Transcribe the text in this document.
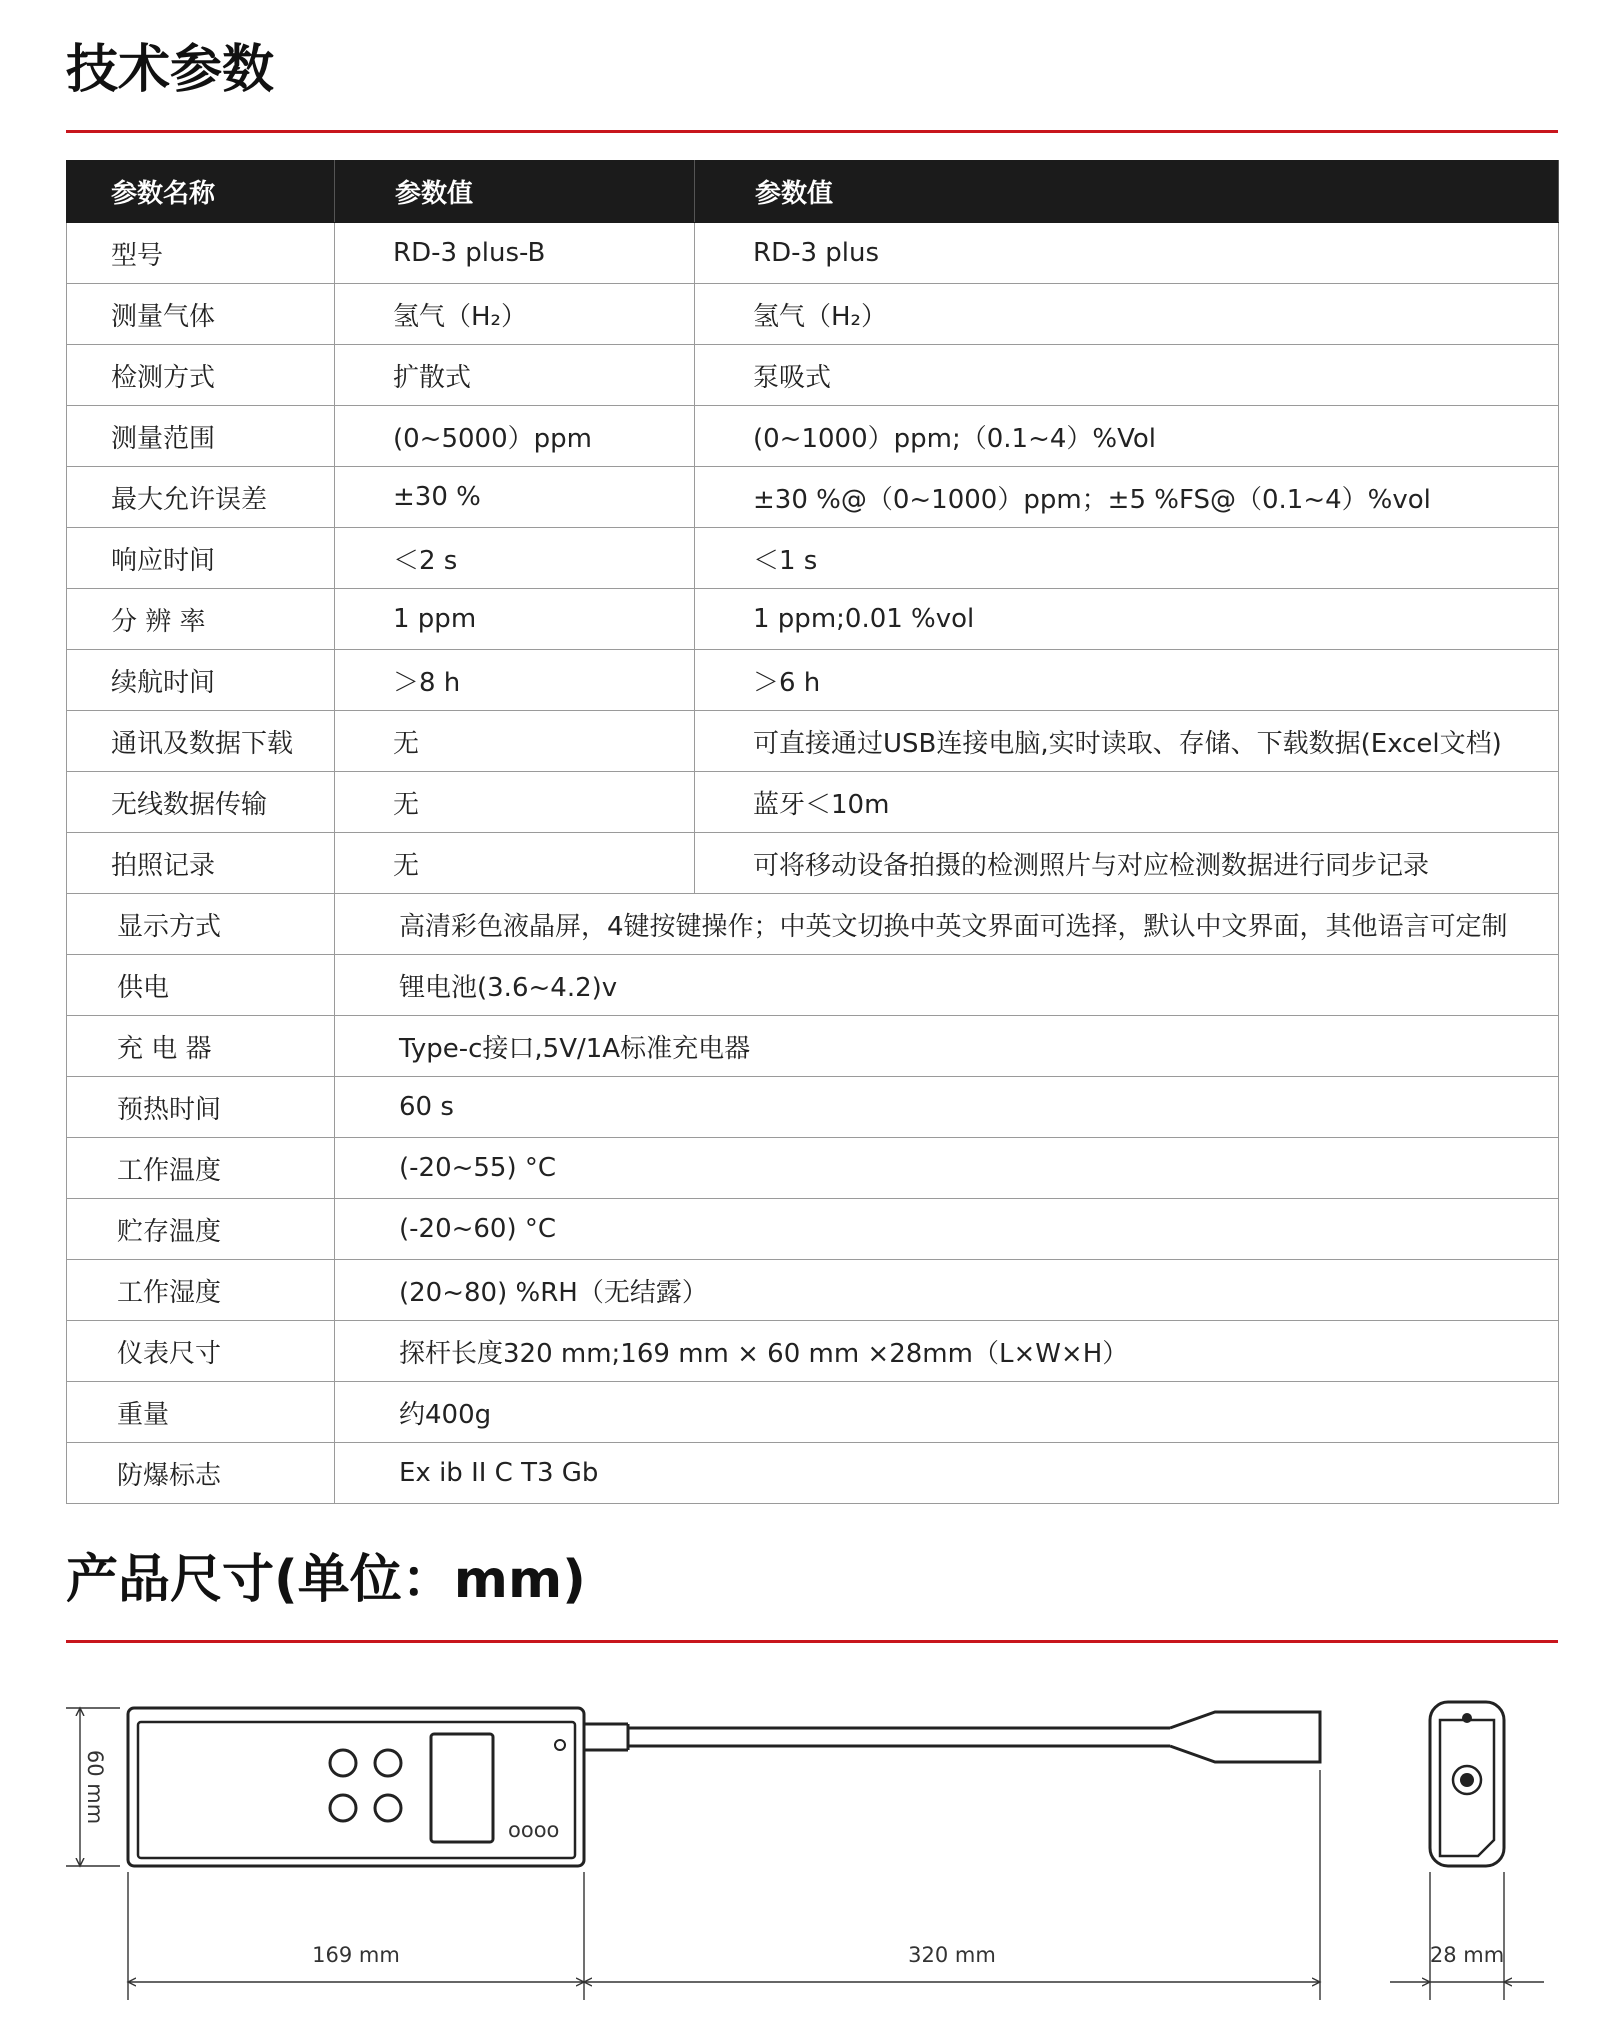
技术参数
参数名称	参数值	参数值
型号	RD-3 plus-B	RD-3 plus
测量气体	氢气（H₂）	氢气（H₂）
检测方式	扩散式	泵吸式
测量范围	(0~5000）ppm	(0~1000）ppm;（0.1~4）%Vol
最大允许误差	±30 %	±30 %@（0~1000）ppm；±5 %FS@（0.1~4）%vol
响应时间	＜2 s	＜1 s
分 辨 率	1 ppm	1 ppm;0.01 %vol
续航时间	＞8 h	＞6 h
通讯及数据下载	无	可直接通过USB连接电脑,实时读取、存储、下载数据(Excel文档)
无线数据传输	无	蓝牙＜10m
拍照记录	无	可将移动设备拍摄的检测照片与对应检测数据进行同步记录
显示方式	高清彩色液晶屏，4键按键操作；中英文切换中英文界面可选择，默认中文界面，其他语言可定制	
供电	锂电池(3.6~4.2)v	
充 电 器	Type-c接口,5V/1A标准充电器	
预热时间	60 s	
工作温度	(-20~55) °C	
贮存温度	(-20~60) °C	
工作湿度	(20~80) %RH（无结露）	
仪表尺寸	探杆长度320 mm;169 mm × 60 mm ×28mm（L×W×H）	
重量	约400g	
防爆标志	Ex ib II C T3 Gb	
产品尺寸(单位：mm)
oooo
60 mm
169 mm	320 mm	28 mm
